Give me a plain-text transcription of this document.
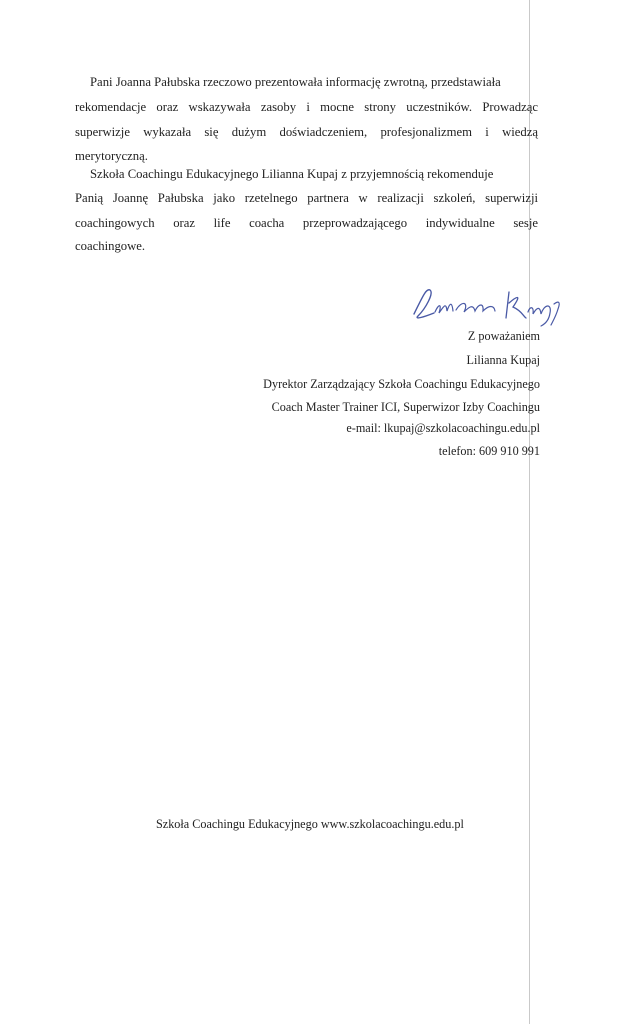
Pani Joanna Pałubska rzeczowo prezentowała informację zwrotną, przedstawiała
rekomendacje oraz wskazywała zasoby i mocne strony uczestników. Prowadząc
superwizje wykazała się dużym doświadczeniem, profesjonalizmem i wiedzą
merytoryczną.
Szkoła Coachingu Edukacyjnego Lilianna Kupaj z przyjemnością rekomenduje
Panią Joannę Pałubska jako rzetelnego partnera w realizacji szkoleń, superwizji
coachingowych oraz life coacha przeprowadzającego indywidualne sesje
coachingowe.
Z poważaniem
Lilianna Kupaj
Dyrektor Zarządzający Szkoła Coachingu Edukacyjnego
Coach Master Trainer ICI, Superwizor Izby Coachingu
e-mail: lkupaj@szkolacoachingu.edu.pl
telefon: 609 910 991
Szkoła Coachingu Edukacyjnego www.szkolacoachingu.edu.pl
